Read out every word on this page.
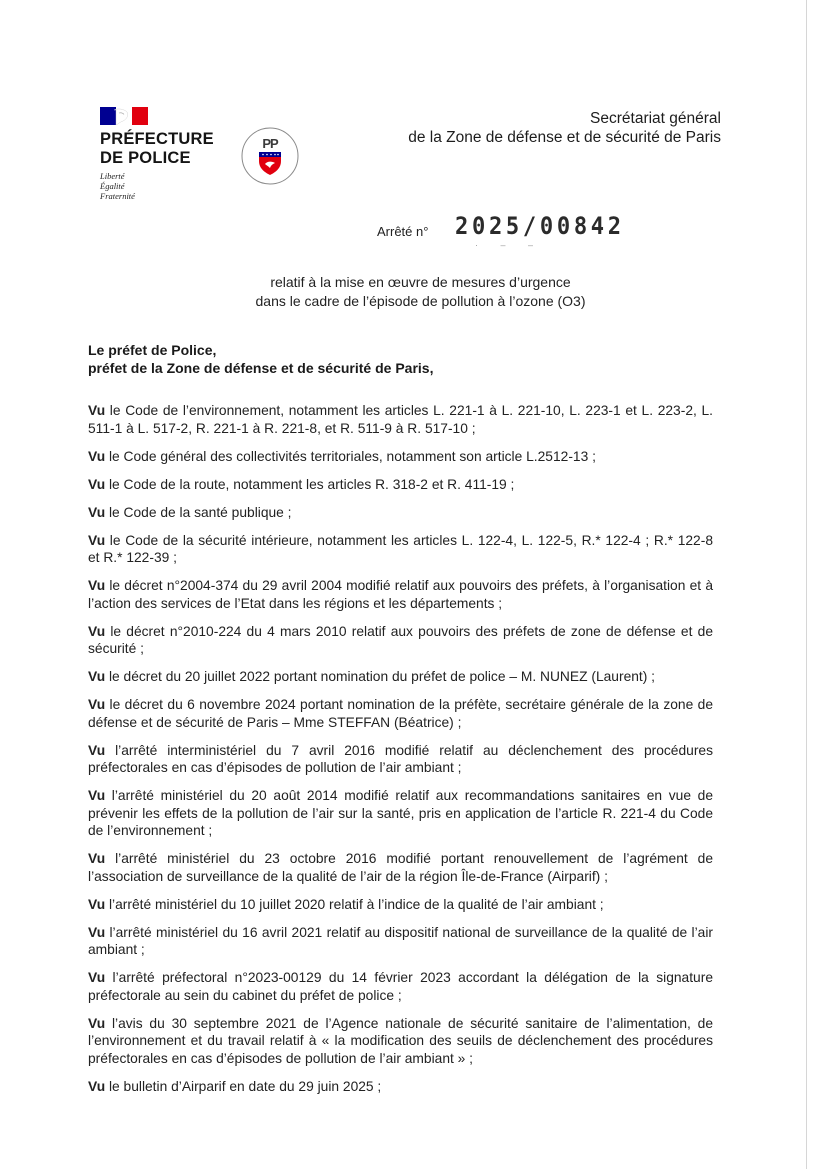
PRÉFECTURE
DE POLICE
Liberté
Égalité
Fraternité
PP
Secrétariat général
de la Zone de défense et de sécurité de Paris
Arrêté n° 2025/00842
· – –
relatif à la mise en œuvre de mesures d’urgence
dans le cadre de l’épisode de pollution à l’ozone (O3)
Le préfet de Police,
préfet de la Zone de défense et de sécurité de Paris,

Vu le Code de l’environnement, notamment les articles L. 221-1 à L. 221-10, L. 223-1 et L. 223-2, L. 511-1 à L. 517-2, R. 221-1 à R. 221-8, et R. 511-9 à R. 517-10 ;

Vu le Code général des collectivités territoriales, notamment son article L.2512-13 ;

Vu le Code de la route, notamment les articles R. 318-2 et R. 411-19 ;

Vu le Code de la santé publique ;

Vu le Code de la sécurité intérieure, notamment les articles L. 122-4, L. 122-5, R.* 122-4 ; R.* 122-8 et R.* 122-39 ;

Vu le décret n°2004-374 du 29 avril 2004 modifié relatif aux pouvoirs des préfets, à l’organisation et à l’action des services de l’Etat dans les régions et les départements ;

Vu le décret n°2010-224 du 4 mars 2010 relatif aux pouvoirs des préfets de zone de défense et de sécurité ;

Vu le décret du 20 juillet 2022 portant nomination du préfet de police – M. NUNEZ (Laurent) ;

Vu le décret du 6 novembre 2024 portant nomination de la préfète, secrétaire générale de la zone de défense et de sécurité de Paris – Mme STEFFAN (Béatrice) ;

Vu l’arrêté interministériel du 7 avril 2016 modifié relatif au déclenchement des procédures préfectorales en cas d’épisodes de pollution de l’air ambiant ;

Vu l’arrêté ministériel du 20 août 2014 modifié relatif aux recommandations sanitaires en vue de prévenir les effets de la pollution de l’air sur la santé, pris en application de l’article R. 221-4 du Code de l’environnement ;

Vu l’arrêté ministériel du 23 octobre 2016 modifié portant renouvellement de l’agrément de l’association de surveillance de la qualité de l’air de la région Île-de-France (Airparif) ;

Vu l’arrêté ministériel du 10 juillet 2020 relatif à l’indice de la qualité de l’air ambiant ;

Vu l’arrêté ministériel du 16 avril 2021 relatif au dispositif national de surveillance de la qualité de l’air ambiant ;

Vu l’arrêté préfectoral n°2023-00129 du 14 février 2023 accordant la délégation de la signature préfectorale au sein du cabinet du préfet de police ;

Vu l’avis du 30 septembre 2021 de l’Agence nationale de sécurité sanitaire de l’alimentation, de l’environnement et du travail relatif à « la modification des seuils de déclenchement des procédures préfectorales en cas d’épisodes de pollution de l’air ambiant » ;

Vu le bulletin d’Airparif en date du 29 juin 2025 ;
